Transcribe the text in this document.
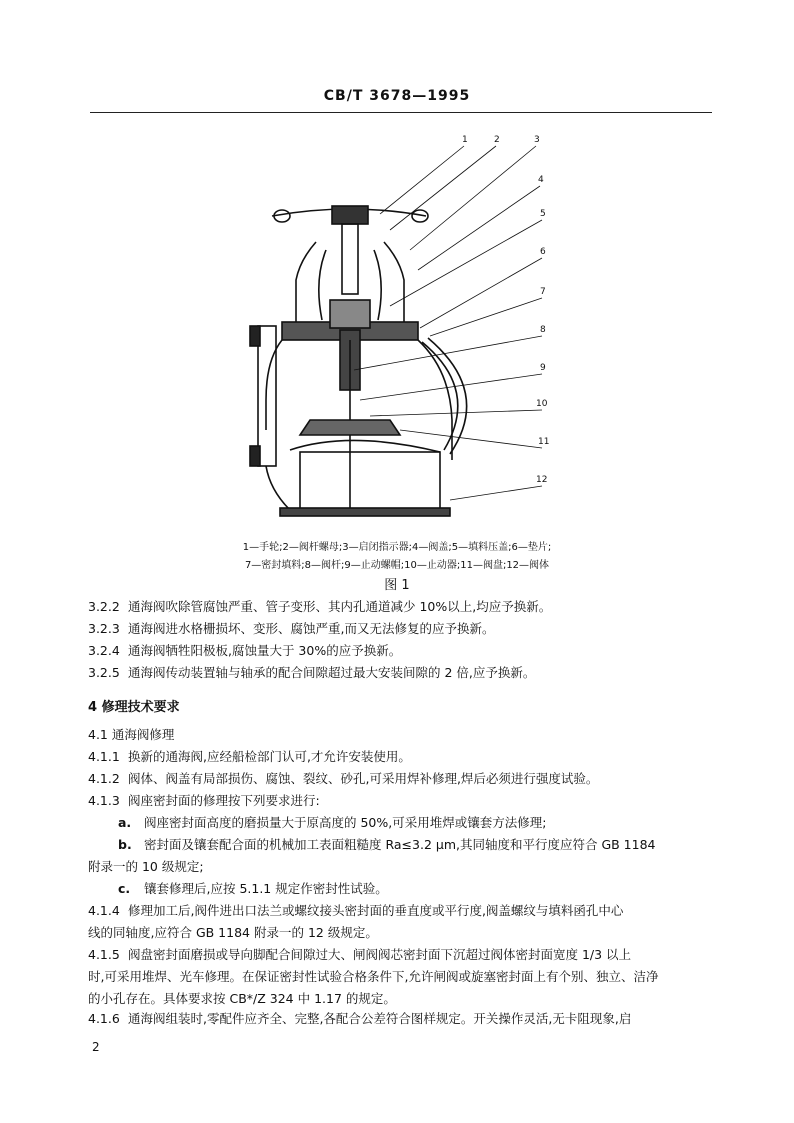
CB/T 3678—1995
1	2	3
4
5
6
7
8
9
10
11
12
1—手轮;2—阀杆螺母;3—启闭指示器;4—阀盖;5—填料压盖;6—垫片;
7—密封填料;8—阀杆;9—止动螺帽;10—止动器;11—阀盘;12—阀体
图 1
3.2.2 通海阀吹除管腐蚀严重、管子变形、其内孔通道减少 10%以上,均应予换新。
3.2.3 通海阀进水格栅损坏、变形、腐蚀严重,而又无法修复的应予换新。
3.2.4 通海阀牺牲阳极板,腐蚀量大于 30%的应予换新。
3.2.5 通海阀传动装置轴与轴承的配合间隙超过最大安装间隙的 2 倍,应予换新。
4 修理技术要求
4.1 通海阀修理
4.1.1 换新的通海阀,应经船检部门认可,才允许安装使用。
4.1.2 阀体、阀盖有局部损伤、腐蚀、裂纹、砂孔,可采用焊补修理,焊后必须进行强度试验。
4.1.3 阀座密封面的修理按下列要求进行:
a. 阀座密封面高度的磨损量大于原高度的 50%,可采用堆焊或镶套方法修理;
b. 密封面及镶套配合面的机械加工表面粗糙度 Ra≤3.2 μm,其同轴度和平行度应符合 GB 1184
附录一的 10 级规定;
c. 镶套修理后,应按 5.1.1 规定作密封性试验。
4.1.4 修理加工后,阀件进出口法兰或螺纹接头密封面的垂直度或平行度,阀盖螺纹与填料函孔中心
线的同轴度,应符合 GB 1184 附录一的 12 级规定。
4.1.5 阀盘密封面磨损或导向脚配合间隙过大、闸阀阀芯密封面下沉超过阀体密封面宽度 1/3 以上
时,可采用堆焊、光车修理。在保证密封性试验合格条件下,允许闸阀或旋塞密封面上有个别、独立、洁净
的小孔存在。具体要求按 CB*/Z 324 中 1.17 的规定。
4.1.6 通海阀组装时,零配件应齐全、完整,各配合公差符合图样规定。开关操作灵活,无卡阻现象,启
2
